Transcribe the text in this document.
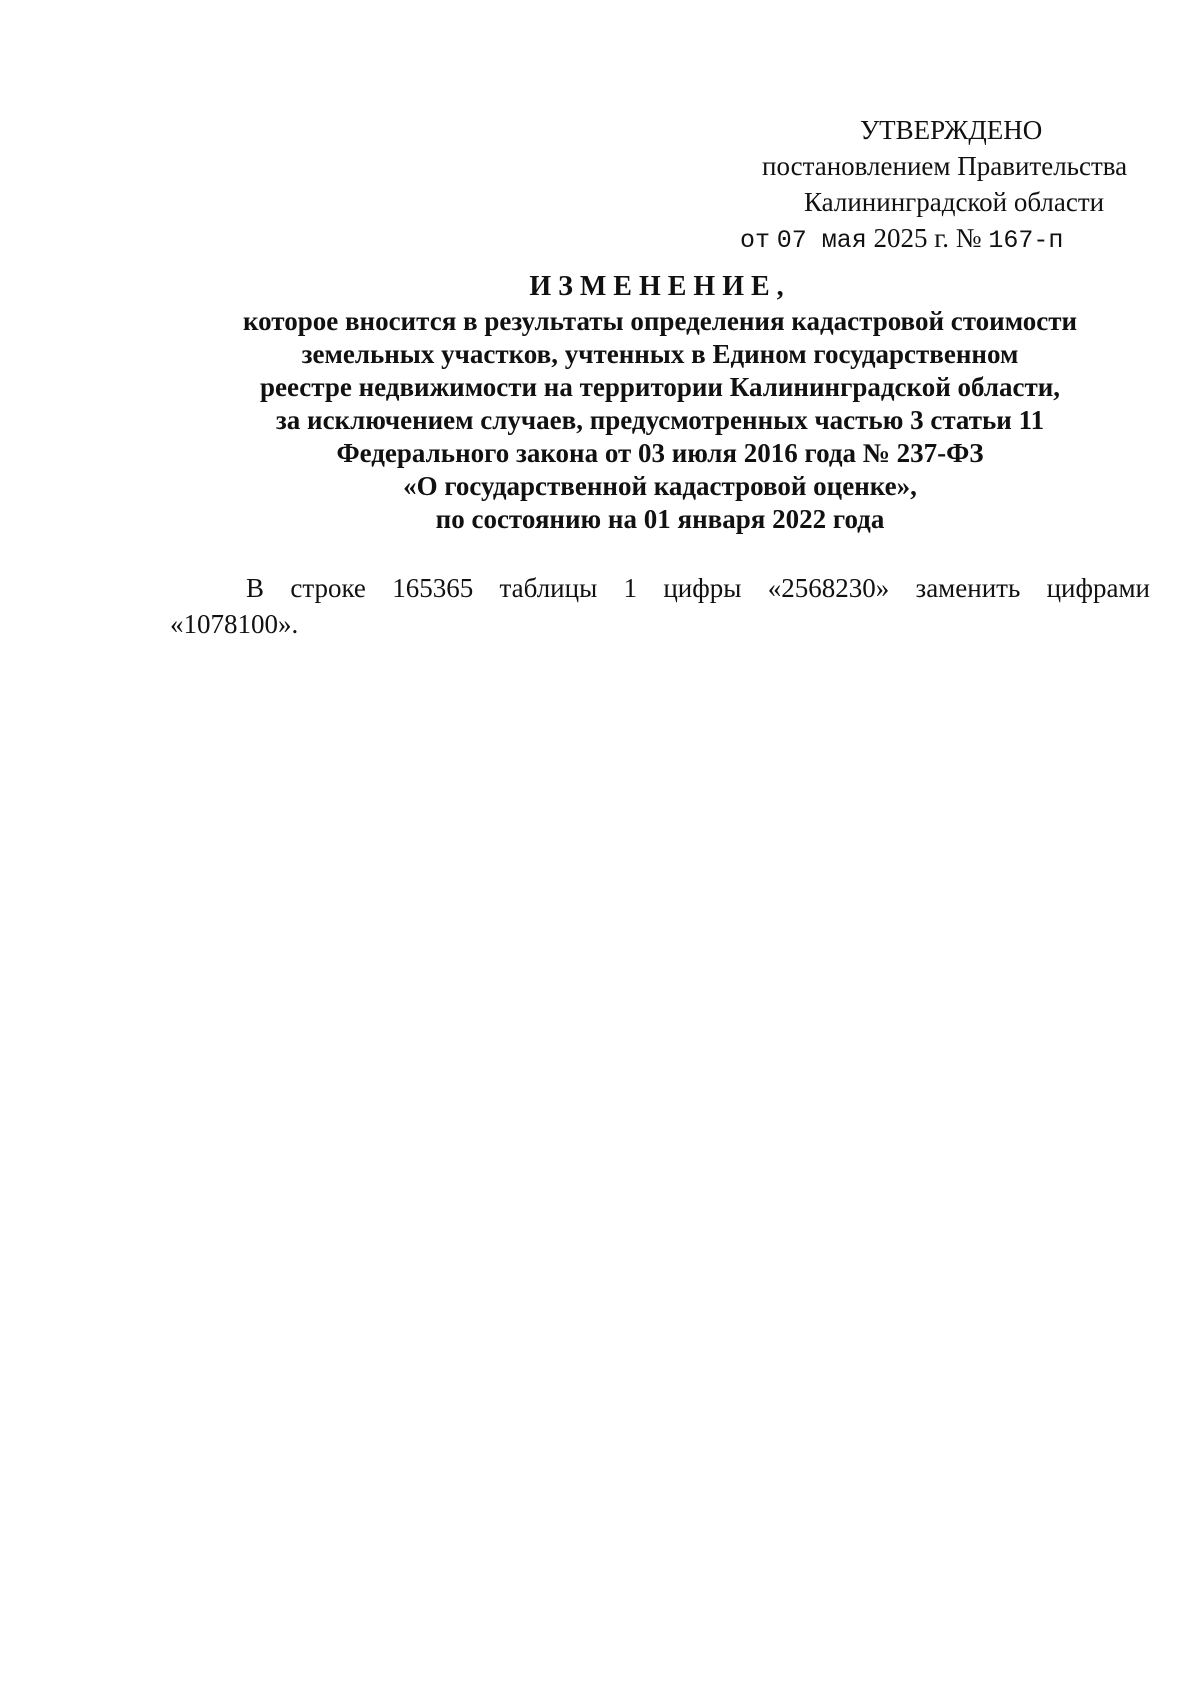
УТВЕРЖДЕНО
постановлением Правительства
Калининградской области
от 07 мая 2025 г. № 167-п
ИЗМЕНЕНИЕ,
которое вносится в результаты определения кадастровой стоимости
земельных участков, учтенных в Едином государственном
реестре недвижимости на территории Калининградской области,
за исключением случаев, предусмотренных частью 3 статьи 11
Федерального закона от 03 июля 2016 года № 237-ФЗ
«О государственной кадастровой оценке»,
по состоянию на 01 января 2022 года
В строке 165365 таблицы 1 цифры «2568230» заменить цифрами
«1078100».
